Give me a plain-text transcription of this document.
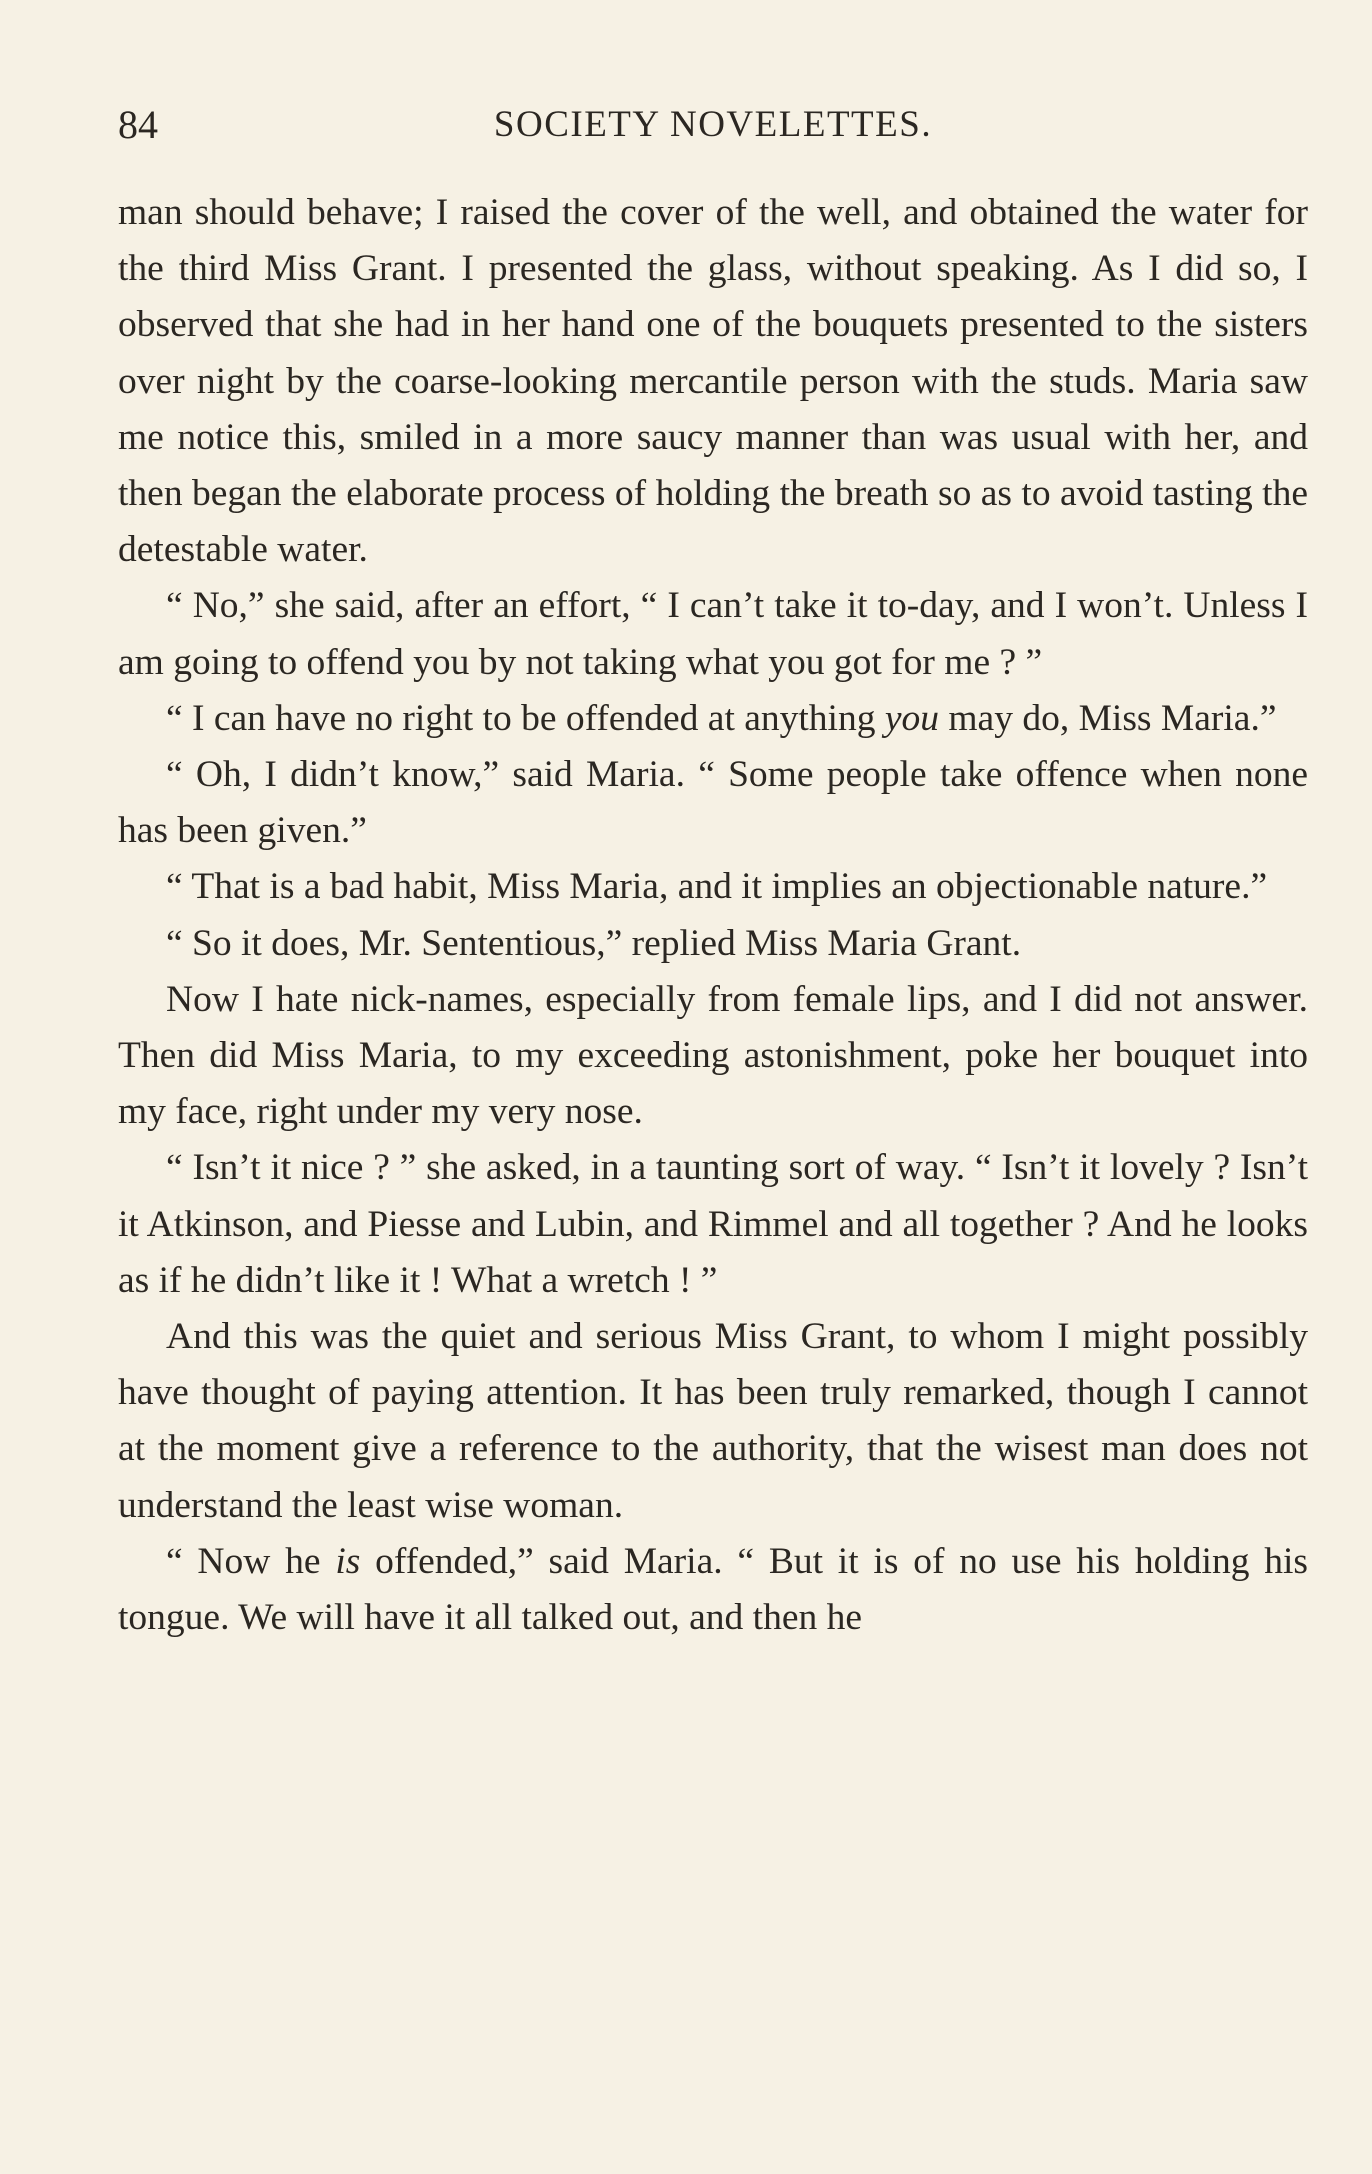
84	SOCIETY NOVELETTES.

man should behave; I raised the cover of the well, and obtained the water for the third Miss Grant. I presented the glass, without speaking. As I did so, I observed that she had in her hand one of the bouquets presented to the sisters over night by the coarse-looking mercantile person with the studs. Maria saw me notice this, smiled in a more saucy manner than was usual with her, and then began the elaborate process of holding the breath so as to avoid tasting the detestable water.

“ No,” she said, after an effort, “ I can’t take it to-day, and I won’t. Unless I am going to offend you by not taking what you got for me ? ”

“ I can have no right to be offended at anything you may do, Miss Maria.”

“ Oh, I didn’t know,” said Maria. “ Some people take offence when none has been given.”

“ That is a bad habit, Miss Maria, and it implies an objectionable nature.”

“ So it does, Mr. Sententious,” replied Miss Maria Grant.

Now I hate nick-names, especially from female lips, and I did not answer. Then did Miss Maria, to my exceeding astonishment, poke her bouquet into my face, right under my very nose.

“ Isn’t it nice ? ” she asked, in a taunting sort of way. “ Isn’t it lovely ? Isn’t it Atkinson, and Piesse and Lubin, and Rimmel and all together ? And he looks as if he didn’t like it ! What a wretch ! ”

And this was the quiet and serious Miss Grant, to whom I might possibly have thought of paying attention. It has been truly remarked, though I cannot at the moment give a reference to the authority, that the wisest man does not understand the least wise woman.

“ Now he is offended,” said Maria. “ But it is of no use his holding his tongue. We will have it all talked out, and then he
